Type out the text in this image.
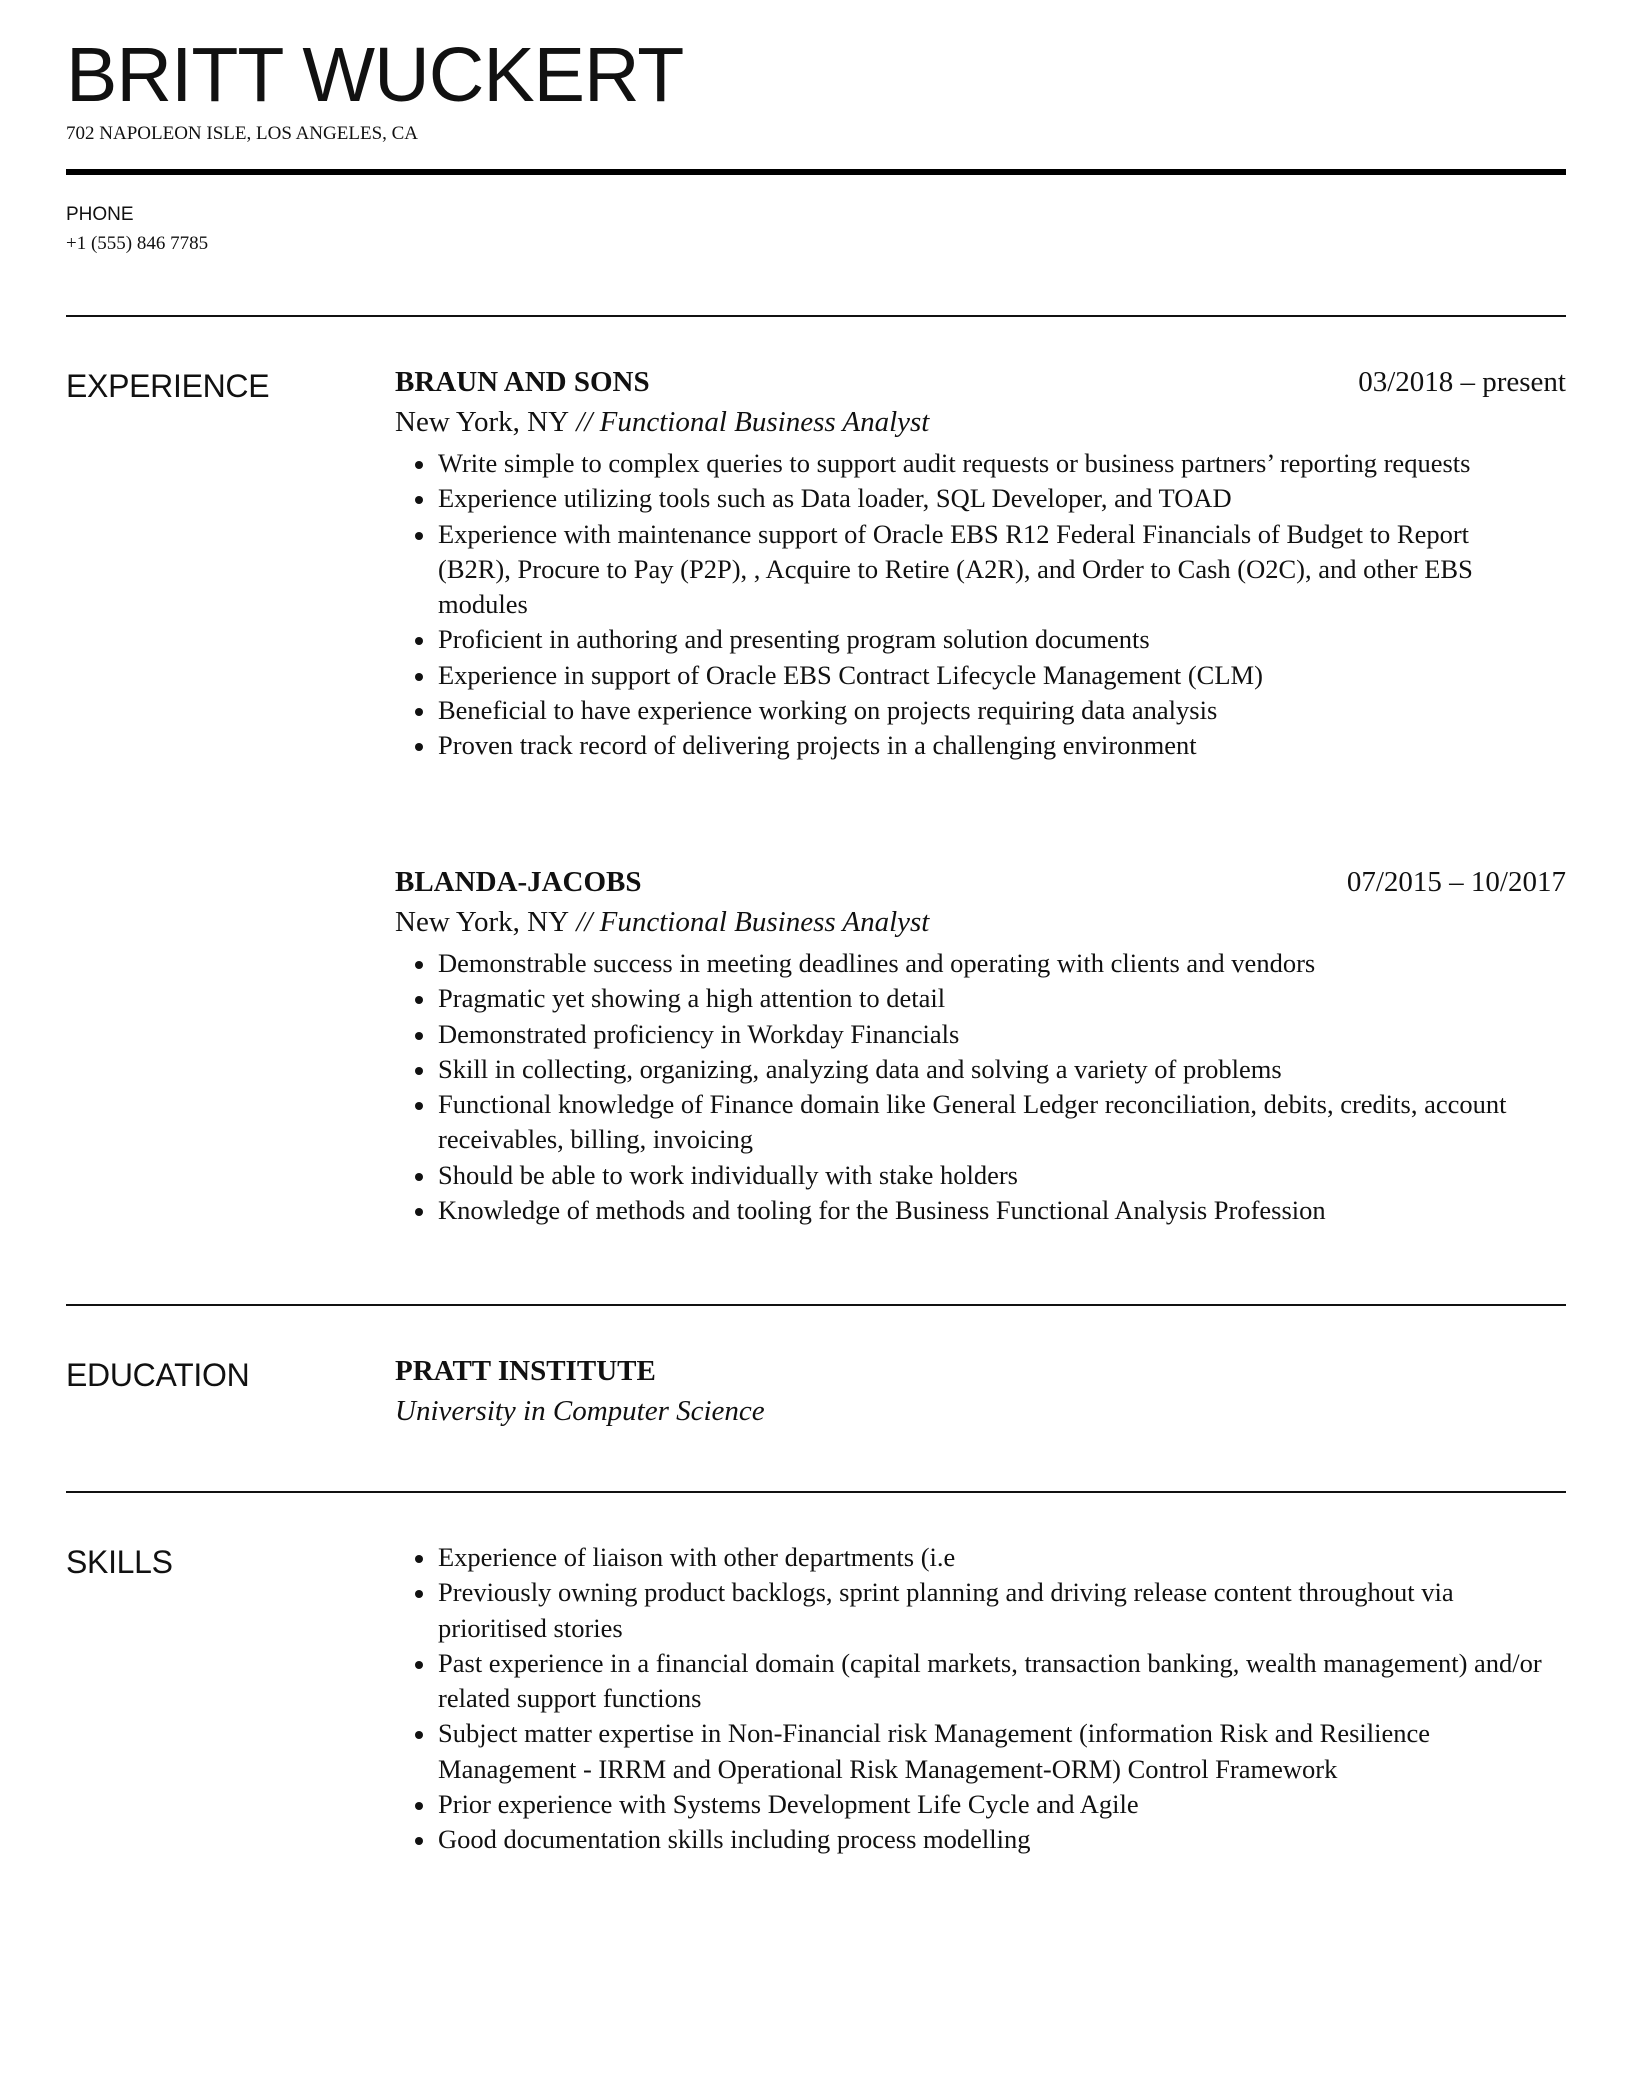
BRITT WUCKERT
702 NAPOLEON ISLE, LOS ANGELES, CA
PHONE
+1 (555) 846 7785
EXPERIENCE	BRAUN AND SONS	03/2018 – present
New York, NY // Functional Business Analyst
Write simple to complex queries to support audit requests or business partners’ reporting requests
Experience utilizing tools such as Data loader, SQL Developer, and TOAD
Experience with maintenance support of Oracle EBS R12 Federal Financials of Budget to Report (B2R), Procure to Pay (P2P), , Acquire to Retire (A2R), and Order to Cash (O2C), and other EBS modules
Proficient in authoring and presenting program solution documents
Experience in support of Oracle EBS Contract Lifecycle Management (CLM)
Beneficial to have experience working on projects requiring data analysis
Proven track record of delivering projects in a challenging environment
BLANDA-JACOBS	07/2015 – 10/2017
New York, NY // Functional Business Analyst
Demonstrable success in meeting deadlines and operating with clients and vendors
Pragmatic yet showing a high attention to detail
Demonstrated proficiency in Workday Financials
Skill in collecting, organizing, analyzing data and solving a variety of problems
Functional knowledge of Finance domain like General Ledger reconciliation, debits, credits, account receivables, billing, invoicing
Should be able to work individually with stake holders
Knowledge of methods and tooling for the Business Functional Analysis Profession
EDUCATION	PRATT INSTITUTE
University in Computer Science
SKILLS	Experience of liaison with other departments (i.e
Previously owning product backlogs, sprint planning and driving release content throughout via prioritised stories
Past experience in a financial domain (capital markets, transaction banking, wealth management) and/or related support functions
Subject matter expertise in Non-Financial risk Management (information Risk and Resilience Management - IRRM and Operational Risk Management-ORM) Control Framework
Prior experience with Systems Development Life Cycle and Agile
Good documentation skills including process modelling
